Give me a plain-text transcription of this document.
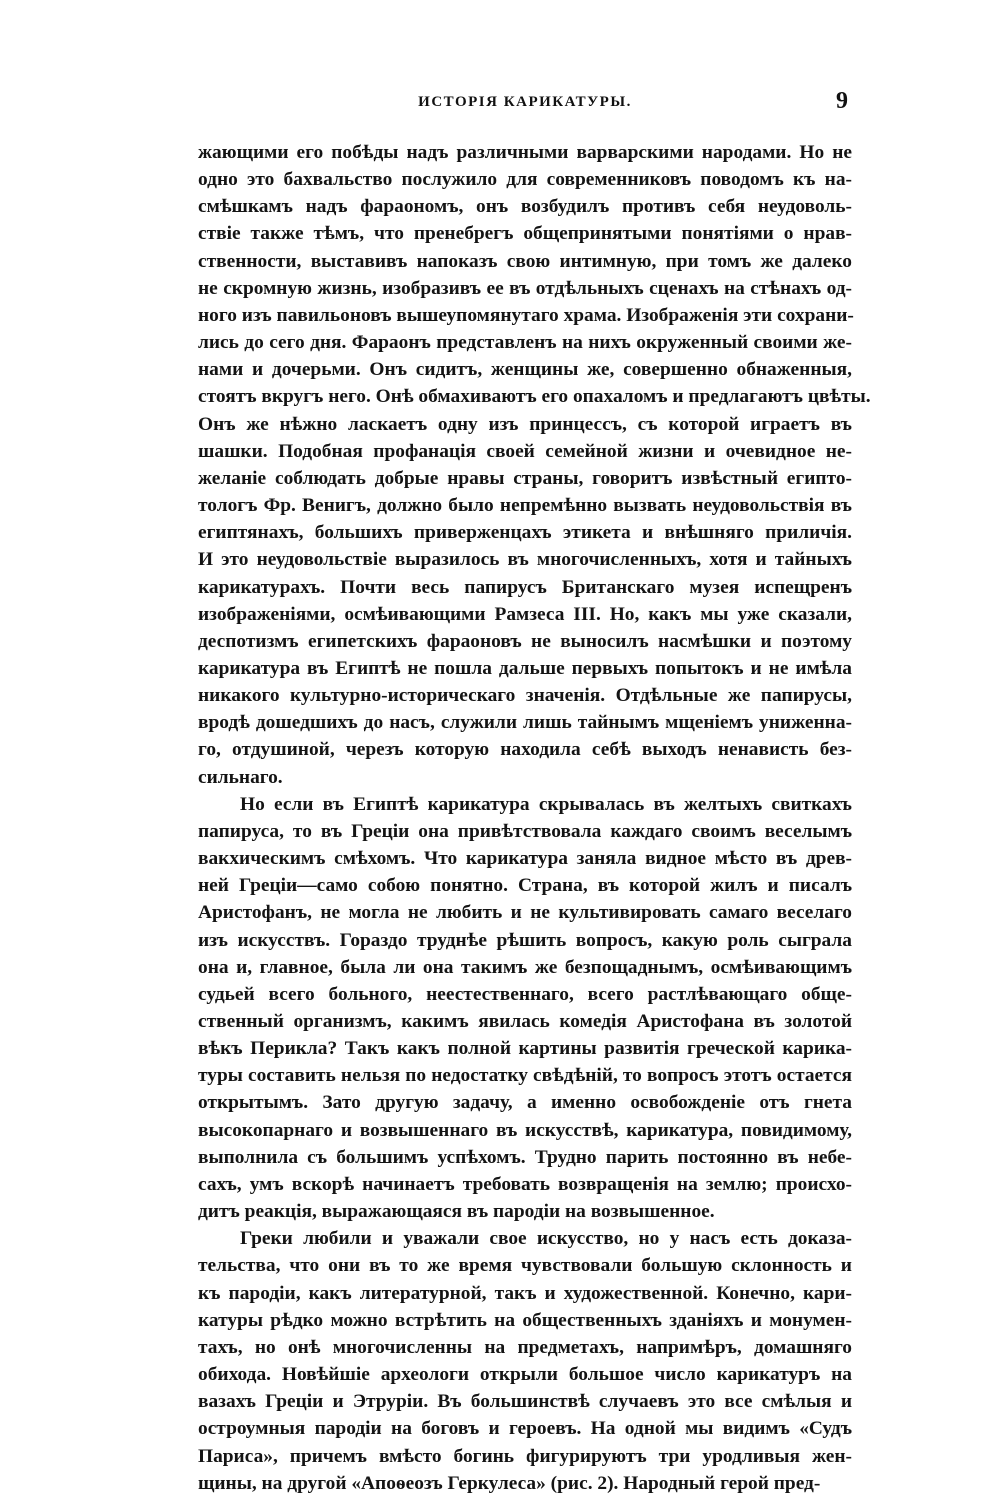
ИСТОРІЯ КАРИКАТУРЫ.	9
жающими его побѣды надъ различными варварскими народами. Но не
одно это бахвальство послужило для современниковъ поводомъ къ на-
смѣшкамъ надъ фараономъ, онъ возбудилъ противъ себя неудоволь-
ствіе также тѣмъ, что пренебрегъ общепринятыми понятіями о нрав-
ственности, выставивъ напоказъ свою интимную, при томъ же далеко
не скромную жизнь, изобразивъ ее въ отдѣльныхъ сценахъ на стѣнахъ од-
ного изъ павильоновъ вышеупомянутаго храма. Изображенія эти сохрани-
лись до сего дня. Фараонъ представленъ на нихъ окруженный своими же-
нами и дочерьми. Онъ сидитъ, женщины же, совершенно обнаженныя,
стоятъ вкругъ него. Онѣ обмахиваютъ его опахаломъ и предлагаютъ цвѣты.
Онъ же нѣжно ласкаетъ одну изъ принцессъ, съ которой играетъ въ
шашки. Подобная профанація своей семейной жизни и очевидное не-
желаніе соблюдать добрые нравы страны, говоритъ извѣстный египто-
тологъ Фр. Венигъ, должно было непремѣнно вызвать неудовольствія въ
египтянахъ, большихъ приверженцахъ этикета и внѣшняго приличія.
И это неудовольствіе выразилось въ многочисленныхъ, хотя и тайныхъ
карикатурахъ. Почти весь папирусъ Британскаго музея испещренъ
изображеніями, осмѣивающими Рамзеса III. Но, какъ мы уже сказали,
деспотизмъ египетскихъ фараоновъ не выносилъ насмѣшки и поэтому
карикатура въ Египтѣ не пошла дальше первыхъ попытокъ и не имѣла
никакого культурно-историческаго значенія. Отдѣльные же папирусы,
вродѣ дошедшихъ до насъ, служили лишь тайнымъ мщеніемъ униженна-
го, отдушиной, черезъ которую находила себѣ выходъ ненависть без-
сильнаго.
Но если въ Египтѣ карикатура скрывалась въ желтыхъ свиткахъ
папируса, то въ Греціи она привѣтствовала каждаго своимъ веселымъ
вакхическимъ смѣхомъ. Что карикатура заняла видное мѣсто въ древ-
ней Греціи—само собою понятно. Страна, въ которой жилъ и писалъ
Аристофанъ, не могла не любить и не культивировать самаго веселаго
изъ искусствъ. Гораздо труднѣе рѣшить вопросъ, какую роль сыграла
она и, главное, была ли она такимъ же безпощаднымъ, осмѣивающимъ
судьей всего больного, неестественнаго, всего растлѣвающаго обще-
ственный организмъ, какимъ явилась комедія Аристофана въ золотой
вѣкъ Перикла? Такъ какъ полной картины развитія греческой карика-
туры составить нельзя по недостатку свѣдѣній, то вопросъ этотъ остается
открытымъ. Зато другую задачу, а именно освобожденіе отъ гнета
высокопарнаго и возвышеннаго въ искусствѣ, карикатура, повидимому,
выполнила съ большимъ успѣхомъ. Трудно парить постоянно въ небе-
сахъ, умъ вскорѣ начинаетъ требовать возвращенія на землю; происхо-
дитъ реакція, выражающаяся въ пародіи на возвышенное.
Греки любили и уважали свое искусство, но у насъ есть доказа-
тельства, что они въ то же время чувствовали большую склонность и
къ пародіи, какъ литературной, такъ и художественной. Конечно, кари-
катуры рѣдко можно встрѣтить на общественныхъ зданіяхъ и монумен-
тахъ, но онѣ многочисленны на предметахъ, напримѣръ, домашняго
обихода. Новѣйшіе археологи открыли большое число карикатуръ на
вазахъ Греціи и Этруріи. Въ большинствѣ случаевъ это все смѣлыя и
остроумныя пародіи на боговъ и героевъ. На одной мы видимъ «Судъ
Париса», причемъ вмѣсто богинь фигурируютъ три уродливыя жен-
щины, на другой «Апоѳеозъ Геркулеса» (рис. 2). Народный герой пред-
